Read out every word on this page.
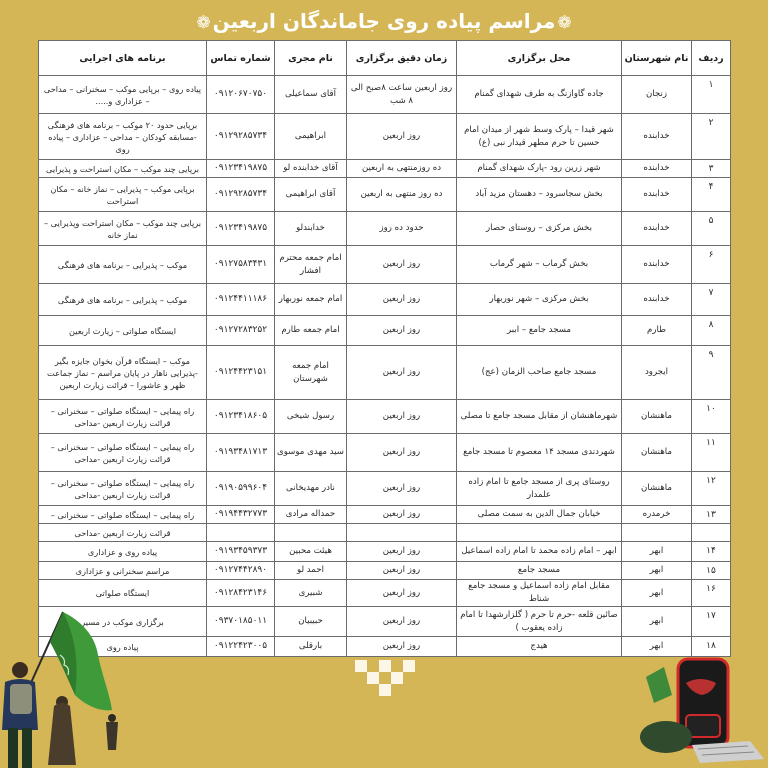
❁مراسم پیاده روی جاماندگان اربعین❁
ردیف	نام شهرستان	محل برگزاری	زمان دقیق برگزاری	نام مجری	شماره تماس	برنامه های اجرایی
۱	زنجان	جاده گاوازنگ به طرف شهدای گمنام	روز اربعین ساعت ۸صبح الی ۸ شب	آقای سماعیلی	۰۹۱۲۰۶۷۰۷۵۰	پیاده روی – برپایی موکب – سخنرانی – مداحی – عزاداری و.....
۲	خدابنده	شهر قیدا – پارک وسط شهر از میدان امام حسین تا حرم مطهر قیدار نبی (ع)	روز اربعین	ابراهیمی	۰۹۱۲۹۲۸۵۷۳۴	برپایی حدود ۲۰ موکب – برنامه های فرهنگی -مسابقه کودکان – مداحی – عزاداری – پیاده روی
۳	خدابنده	شهر زرین رود -پارک شهدای گمنام	ده روزمنتهی به اربعین	آقای خدابنده لو	۰۹۱۲۳۴۱۹۸۷۵	برپایی چند موکب – مکان استراحت و پذیرایی
۴	خدابنده	بخش سجاسرود – دهستان مزید آباد	ده روز منتهی به اربعین	آقای ابراهیمی	۰۹۱۲۹۲۸۵۷۳۴	برپایی موکب – پذیرایی – نماز خانه – مکان استراحت
۵	خدابنده	بخش مرکزی – روستای حصار	حدود ده روز	خدابندلو	۰۹۱۲۳۴۱۹۸۷۵	برپایی چند موکب – مکان استراحت وپذیرایی – نماز خانه
۶	خدابنده	بخش گرماب – شهر گرماب	روز اربعین	امام جمعه محترم افشار	۰۹۱۲۷۵۸۳۴۳۱	موکب – پذیرایی – برنامه های فرهنگی
۷	خدابنده	بخش مرکزی – شهر نوربهار	روز اربعین	امام جمعه نوربهار	۰۹۱۲۴۴۱۱۱۸۶	موکب – پذیرایی – برنامه های فرهنگی
۸	طارم	مسجد جامع – اببر	روز اربعین	امام جمعه طارم	۰۹۱۲۷۲۸۳۲۵۲	ایستگاه صلواتی – زیارت اربعین
۹	ایجرود	مسجد جامع صاحب الزمان (عج)	روز اربعین	امام جمعه شهرستان	۰۹۱۲۴۴۲۳۱۵۱	موکب – ایستگاه قرآن بخوان جایزه بگیر -پذیرایی ناهار در پایان مراسم – نماز جماعت ظهر و عاشورا – قرائت زیارت اربعین
۱۰	ماهنشان	شهرماهنشان از مقابل مسجد جامع تا مصلی	روز اربعین	رسول شیخی	۰۹۱۲۳۴۱۸۶۰۵	راه پیمایی – ایستگاه صلواتی – سخنرانی – قرائت زیارت اربعین -مداحی
۱۱	ماهنشان	شهردندی مسجد ۱۴ معصوم تا مسجد جامع	روز اربعین	سید مهدی موسوی	۰۹۱۹۳۴۸۱۷۱۳	راه پیمایی – ایستگاه صلواتی – سخنرانی – قرائت زیارت اربعین -مداحی
۱۲	ماهنشان	روستای پری از مسجد جامع تا امام زاده علمدار	روز اربعین	نادر مهدیخانی	۰۹۱۹۰۵۹۹۶۰۴	راه پیمایی – ایستگاه صلواتی – سخنرانی – قرائت زیارت اربعین -مداحی
۱۳	خرمدره	خیابان جمال الدین به سمت مصلی	روز اربعین	حمداله مرادی	۰۹۱۹۴۴۳۲۷۷۳	راه پیمایی – ایستگاه صلواتی – سخنرانی –
						قرائت زیارت اربعین -مداحی
۱۴	ابهر	ابهر – امام زاده محمد تا امام زاده اسماعیل	روز اربعین	هیئت محبین	۰۹۱۹۳۴۵۹۳۷۳	پیاده روی و عزاداری
۱۵	ابهر	مسجد جامع	روز اربعین	احمد لو	۰۹۱۲۷۴۴۲۸۹۰	مراسم سخنرانی و عزاداری
۱۶	ابهر	مقابل امام زاده اسماعیل و مسجد جامع شناط	روز اربعین	شبیری	۰۹۱۲۸۴۲۳۱۴۶	ایستگاه صلواتی
۱۷	ابهر	صائین قلعه -حرم تا حرم ( گلزارشهدا تا امام زاده یعقوب )	روز اربعین	حبیبیان	۰۹۳۷۰۱۸۵۰۱۱	برگزاری موکب در مسیر
۱۸	ابهر	هیدج	روز اربعین	بارقلی	۰۹۱۲۲۴۲۳۰۰۵	پیاده روی
